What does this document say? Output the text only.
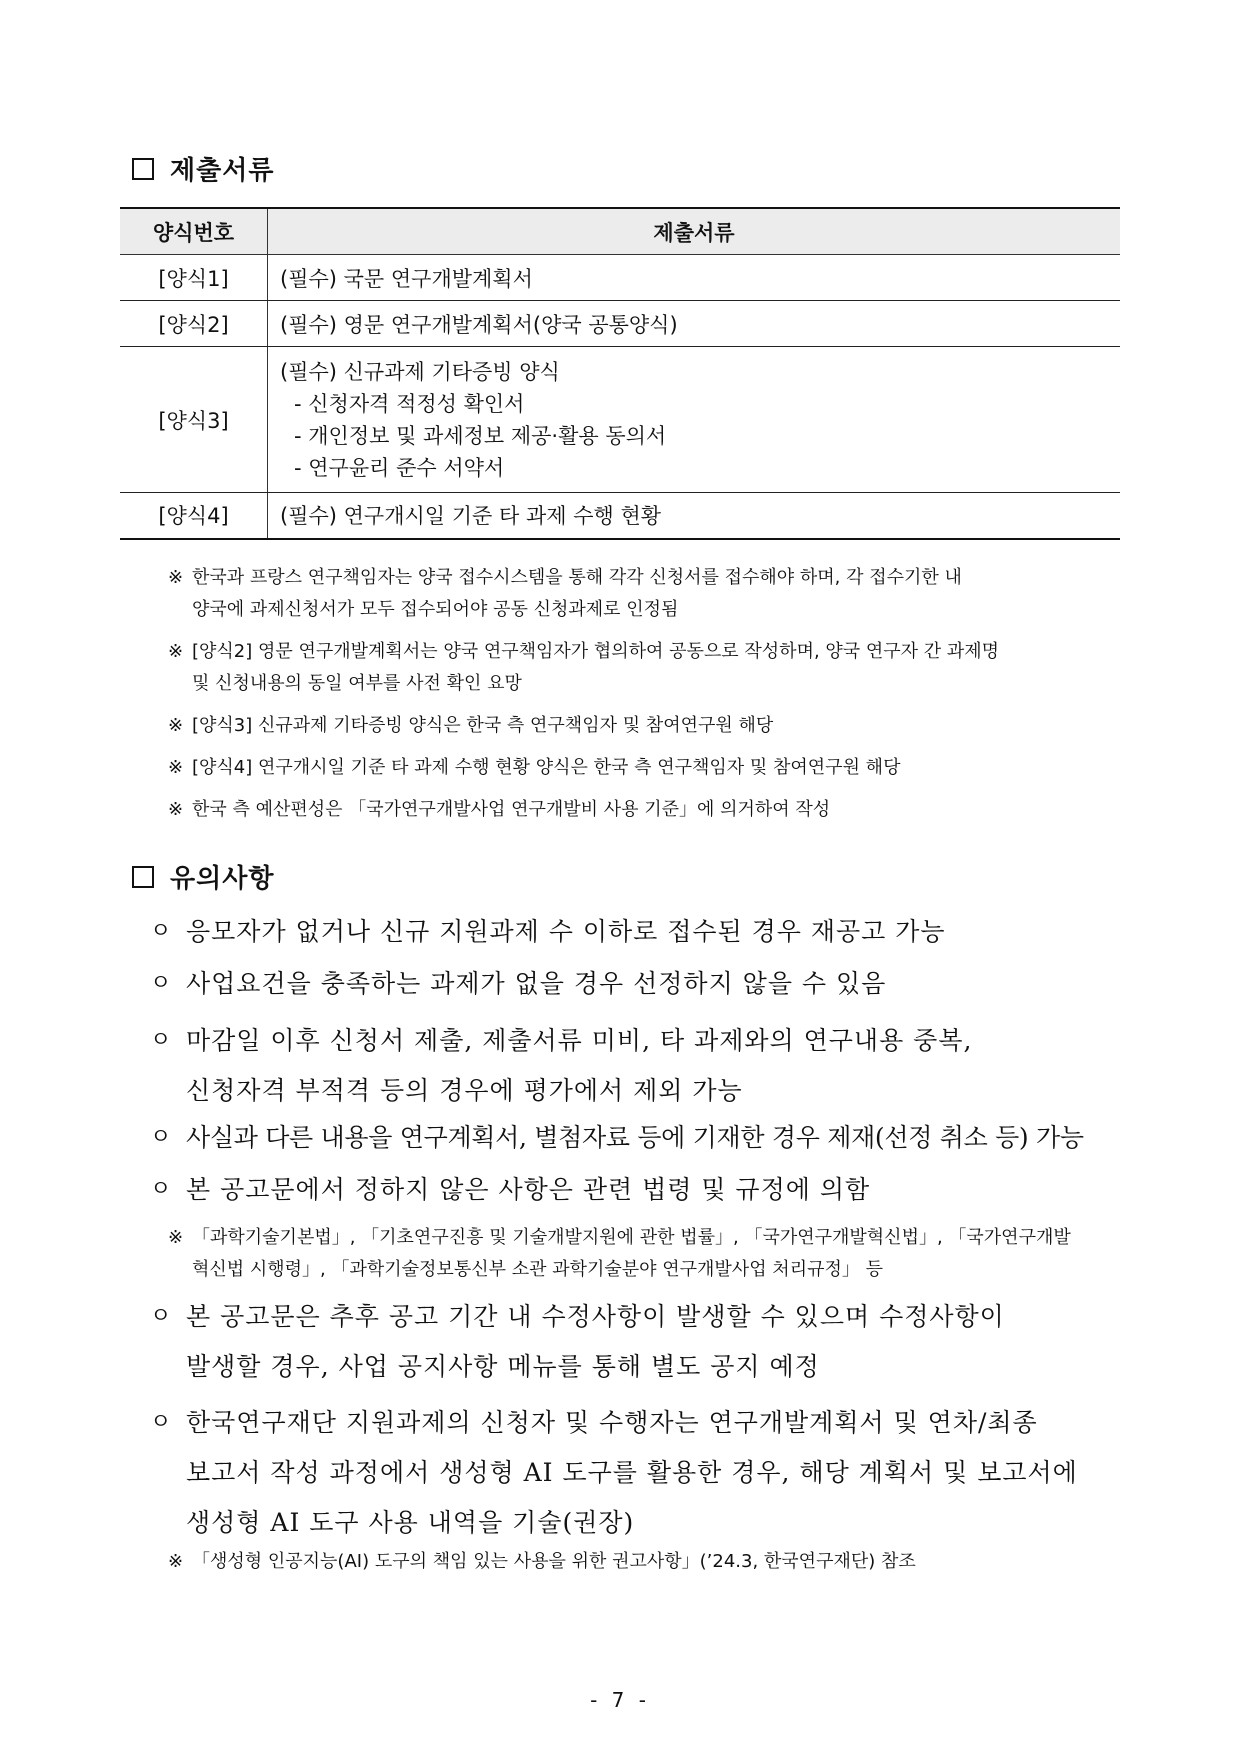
제출서류
양식번호	제출서류
[양식1]	(필수) 국문 연구개발계획서
[양식2]	(필수) 영문 연구개발계획서(양국 공통양식)
[양식3]	(필수) 신규과제 기타증빙 양식
- 신청자격 적정성 확인서
- 개인정보 및 과세정보 제공·활용 동의서
- 연구윤리 준수 서약서

[양식4]	(필수) 연구개시일 기준 타 과제 수행 현황
※ 한국과 프랑스 연구책임자는 양국 접수시스템을 통해 각각 신청서를 접수해야 하며, 각 접수기한 내
양국에 과제신청서가 모두 접수되어야 공동 신청과제로 인정됨
※ [양식2] 영문 연구개발계획서는 양국 연구책임자가 협의하여 공동으로 작성하며, 양국 연구자 간 과제명
및 신청내용의 동일 여부를 사전 확인 요망
※ [양식3] 신규과제 기타증빙 양식은 한국 측 연구책임자 및 참여연구원 해당
※ [양식4] 연구개시일 기준 타 과제 수행 현황 양식은 한국 측 연구책임자 및 참여연구원 해당
※ 한국 측 예산편성은 「국가연구개발사업 연구개발비 사용 기준」에 의거하여 작성
유의사항
ㅇ 응모자가 없거나 신규 지원과제 수 이하로 접수된 경우 재공고 가능
ㅇ 사업요건을 충족하는 과제가 없을 경우 선정하지 않을 수 있음
ㅇ 마감일 이후 신청서 제출, 제출서류 미비, 타 과제와의 연구내용 중복,
신청자격 부적격 등의 경우에 평가에서 제외 가능
ㅇ 사실과 다른 내용을 연구계획서, 별첨자료 등에 기재한 경우 제재(선정 취소 등) 가능
ㅇ 본 공고문에서 정하지 않은 사항은 관련 법령 및 규정에 의함
※ 「과학기술기본법」, 「기초연구진흥 및 기술개발지원에 관한 법률」, 「국가연구개발혁신법」, 「국가연구개발
혁신법 시행령」, 「과학기술정보통신부 소관 과학기술분야 연구개발사업 처리규정」 등
ㅇ 본 공고문은 추후 공고 기간 내 수정사항이 발생할 수 있으며 수정사항이
발생할 경우, 사업 공지사항 메뉴를 통해 별도 공지 예정
ㅇ 한국연구재단 지원과제의 신청자 및 수행자는 연구개발계획서 및 연차/최종
보고서 작성 과정에서 생성형 AI 도구를 활용한 경우, 해당 계획서 및 보고서에
생성형 AI 도구 사용 내역을 기술(권장)
※ 「생성형 인공지능(AI) 도구의 책임 있는 사용을 위한 권고사항」(’24.3, 한국연구재단) 참조
- 7 -
